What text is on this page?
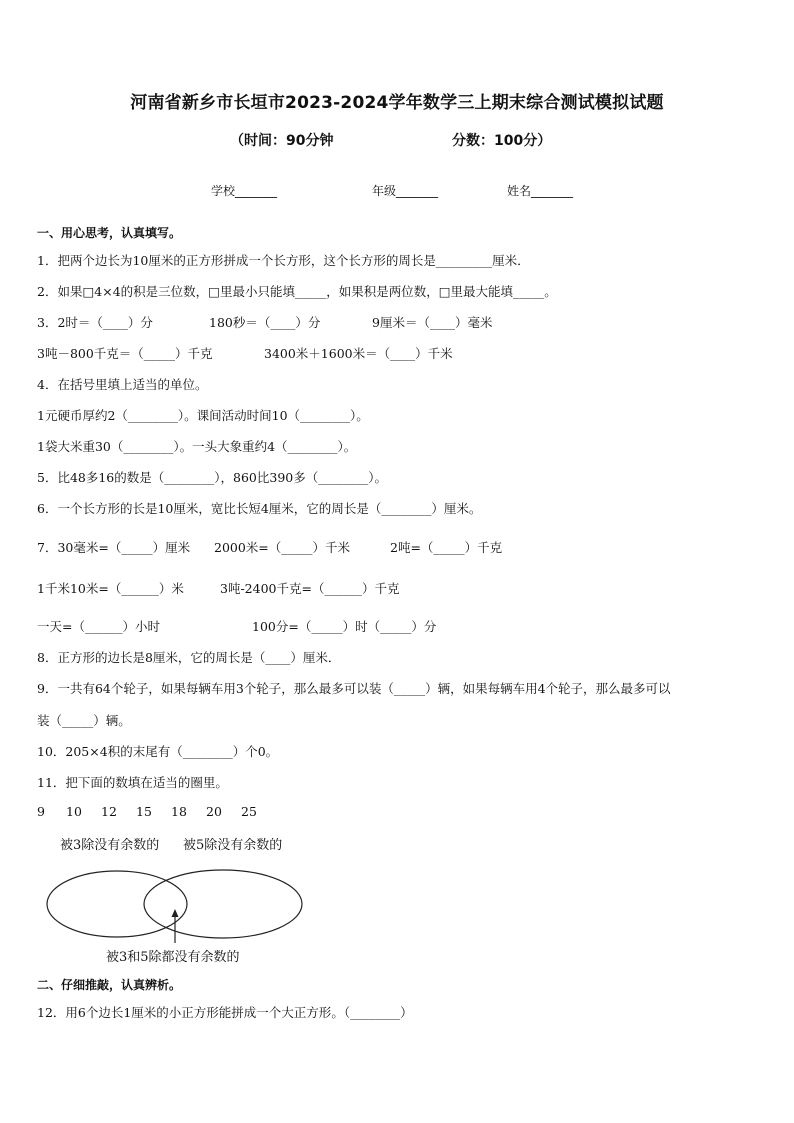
河南省新乡市长垣市2023-2024学年数学三上期末综合测试模拟试题
（时间：90分钟	分数：100分）
学校_______	年级_______	姓名_______
一、用心思考，认真填写。
1．把两个边长为10厘米的正方形拼成一个长方形，这个长方形的周长是_________厘米．
2．如果□4×4的积是三位数，□里最小只能填_____，如果积是两位数，□里最大能填_____。
3．2时＝（____）分	180秒＝（____）分	9厘米＝（____）毫米
3吨－800千克＝（_____）千克	3400米＋1600米＝（____）千米
4．在括号里填上适当的单位。
1元硬币厚约2（________）。课间活动时间10（________）。
1袋大米重30（________）。一头大象重约4（________）。
5．比48多16的数是（________），860比390多（________）。
6．一个长方形的长是10厘米，宽比长短4厘米，它的周长是（________）厘米。
7．30毫米=（_____）厘米 2000米=（_____）千米	2吨=（_____）千克
1千米10米=（______）米	3吨-2400千克=（______）千克
一天=（______）小时	100分=（_____）时（_____）分
8．正方形的边长是8厘米，它的周长是（____）厘米．
9．一共有64个轮子，如果每辆车用3个轮子，那么最多可以装（_____）辆，如果每辆车用4个轮子，那么最多可以
装（_____）辆。
10．205×4积的末尾有（________）个0。
11．把下面的数填在适当的圈里。
9 10 12 15 18 20 25
被3除没有余数的 被5除没有余数的
被3和5除都没有余数的
二、仔细推敲，认真辨析。
12．用6个边长1厘米的小正方形能拼成一个大正方形。（________）
